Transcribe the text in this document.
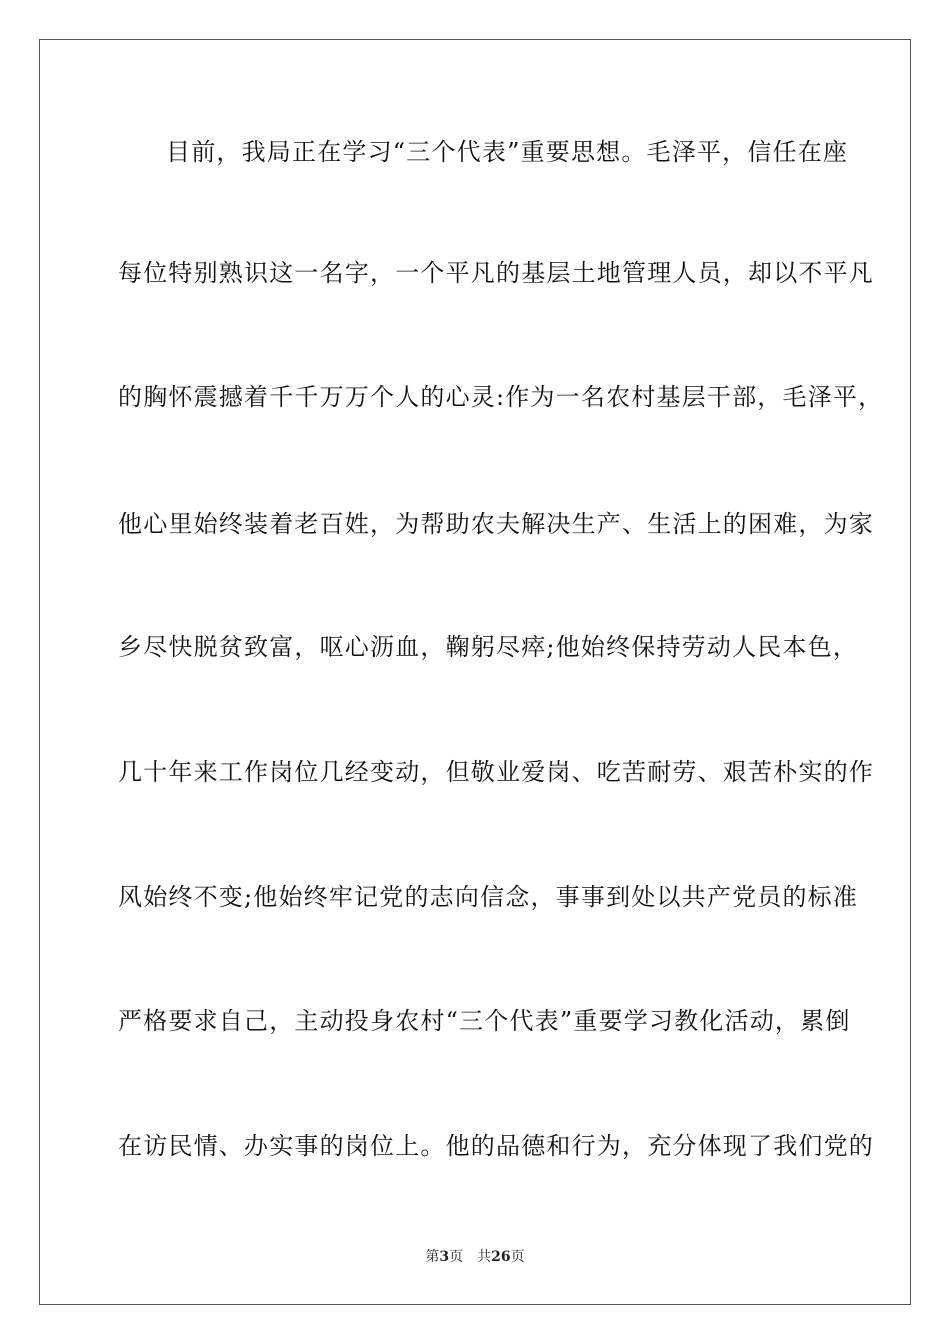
目前，我局正在学习“三个代表”重要思想。毛泽平，信任在座
每位特别熟识这一名字，一个平凡的基层土地管理人员，却以不平凡
的胸怀震撼着千千万万个人的心灵:作为一名农村基层干部，毛泽平，
他心里始终装着老百姓，为帮助农夫解决生产、生活上的困难，为家
乡尽快脱贫致富，呕心沥血，鞠躬尽瘁;他始终保持劳动人民本色，
几十年来工作岗位几经变动，但敬业爱岗、吃苦耐劳、艰苦朴实的作
风始终不变;他始终牢记党的志向信念，事事到处以共产党员的标准
严格要求自己，主动投身农村“三个代表”重要学习教化活动，累倒
在访民情、办实事的岗位上。他的品德和行为，充分体现了我们党的
第3页 共26页
